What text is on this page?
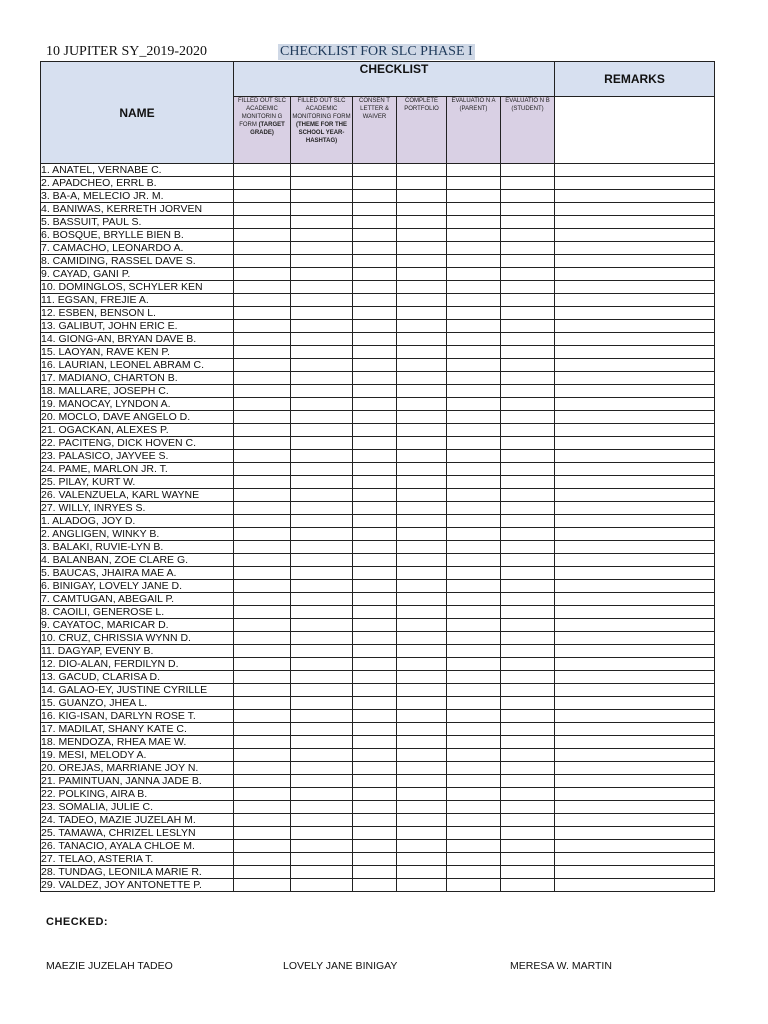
10 JUPITER SY_2019-2020	CHECKLIST FOR SLC PHASE I
NAME	CHECKLIST						REMARKS
	FILLED OUT SLC ACADEMIC MONITORIN G FORM (TARGET GRADE)	FILLED OUT SLC ACADEMIC MONITORING FORM (THEME FOR THE SCHOOL YEAR- HASHTAG)	CONSEN T LETTER & WAIVER	COMPLETE PORTFOLIO	EVALUATIO N A (PARENT)	EVALUATIO N B (STUDENT)	
1. ANATEL, VERNABE C.							
2. APADCHEO, ERRL B.							
3. BA-A, MELECIO JR. M.							
4. BANIWAS, KERRETH JORVEN							
5. BASSUIT, PAUL S.							
6. BOSQUE, BRYLLE BIEN B.							
7. CAMACHO, LEONARDO A.							
8. CAMIDING, RASSEL DAVE S.							
9. CAYAD, GANI P.							
10. DOMINGLOS, SCHYLER KEN							
11. EGSAN, FREJIE A.							
12. ESBEN, BENSON L.							
13. GALIBUT, JOHN ERIC E.							
14. GIONG-AN, BRYAN DAVE B.							
15. LAOYAN, RAVE KEN P.							
16. LAURIAN, LEONEL ABRAM C.							
17. MADIANO, CHARTON B.							
18. MALLARE, JOSEPH C.							
19. MANOCAY, LYNDON A.							
20. MOCLO, DAVE ANGELO D.							
21. OGACKAN, ALEXES P.							
22. PACITENG, DICK HOVEN C.							
23. PALASICO, JAYVEE S.							
24. PAME, MARLON JR. T.							
25. PILAY, KURT W.							
26. VALENZUELA, KARL WAYNE							
27. WILLY, INRYES S.							
1. ALADOG, JOY D.							
2. ANGLIGEN, WINKY B.							
3. BALAKI, RUVIE-LYN B.							
4. BALANBAN, ZOE CLARE G.							
5. BAUCAS, JHAIRA MAE A.							
6. BINIGAY, LOVELY JANE D.							
7. CAMTUGAN, ABEGAIL P.							
8. CAOILI, GENEROSE L.							
9. CAYATOC, MARICAR D.							
10. CRUZ, CHRISSIA WYNN D.							
11. DAGYAP, EVENY B.							
12. DIO-ALAN, FERDILYN D.							
13. GACUD, CLARISA D.							
14. GALAO-EY, JUSTINE CYRILLE							
15. GUANZO, JHEA L.							
16. KIG-ISAN, DARLYN ROSE T.							
17. MADILAT, SHANY KATE C.							
18. MENDOZA, RHEA MAE W.							
19. MESI, MELODY A.							
20. OREJAS, MARRIANE JOY N.							
21. PAMINTUAN, JANNA JADE B.							
22. POLKING, AIRA B.							
23. SOMALIA, JULIE C.							
24. TADEO, MAZIE JUZELAH M.							
25. TAMAWA, CHRIZEL LESLYN							
26. TANACIO, AYALA CHLOE M.							
27. TELAO, ASTERIA T.							
28. TUNDAG, LEONILA MARIE R.							
29. VALDEZ, JOY ANTONETTE P.							
CHECKED:
MAEZIE JUZELAH TADEO	LOVELY JANE BINIGAY	MERESA W. MARTIN
